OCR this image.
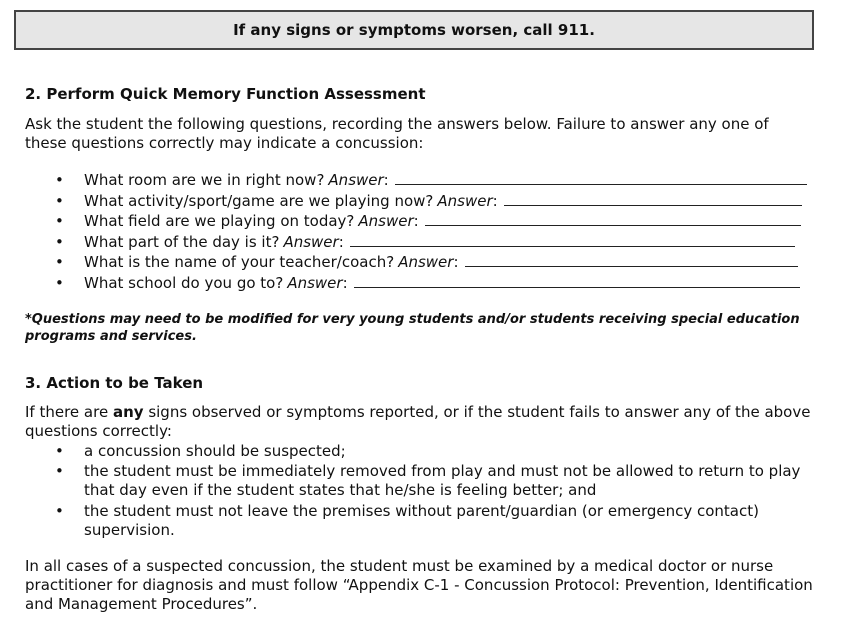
If any signs or symptoms worsen, call 911.
2. Perform Quick Memory Function Assessment
Ask the student the following questions, recording the answers below. Failure to answer any one of these questions correctly may indicate a concussion:
• What room are we in right now? Answer :
• What activity/sport/game are we playing now? Answer :
• What field are we playing on today? Answer :
• What part of the day is it? Answer :
• What is the name of your teacher/coach? Answer :
• What school do you go to? Answer :
*Questions may need to be modified for very young students and/or students receiving special education programs and services.
3. Action to be Taken
If there are any signs observed or symptoms reported, or if the student fails to answer any of the above questions correctly:
• a concussion should be suspected;
• the student must be immediately removed from play and must not be allowed to return to play that day even if the student states that he/she is feeling better; and
• the student must not leave the premises without parent/guardian (or emergency contact) supervision.
In all cases of a suspected concussion, the student must be examined by a medical doctor or nurse practitioner for diagnosis and must follow “Appendix C-1 - Concussion Protocol: Prevention, Identification and Management Procedures”.
